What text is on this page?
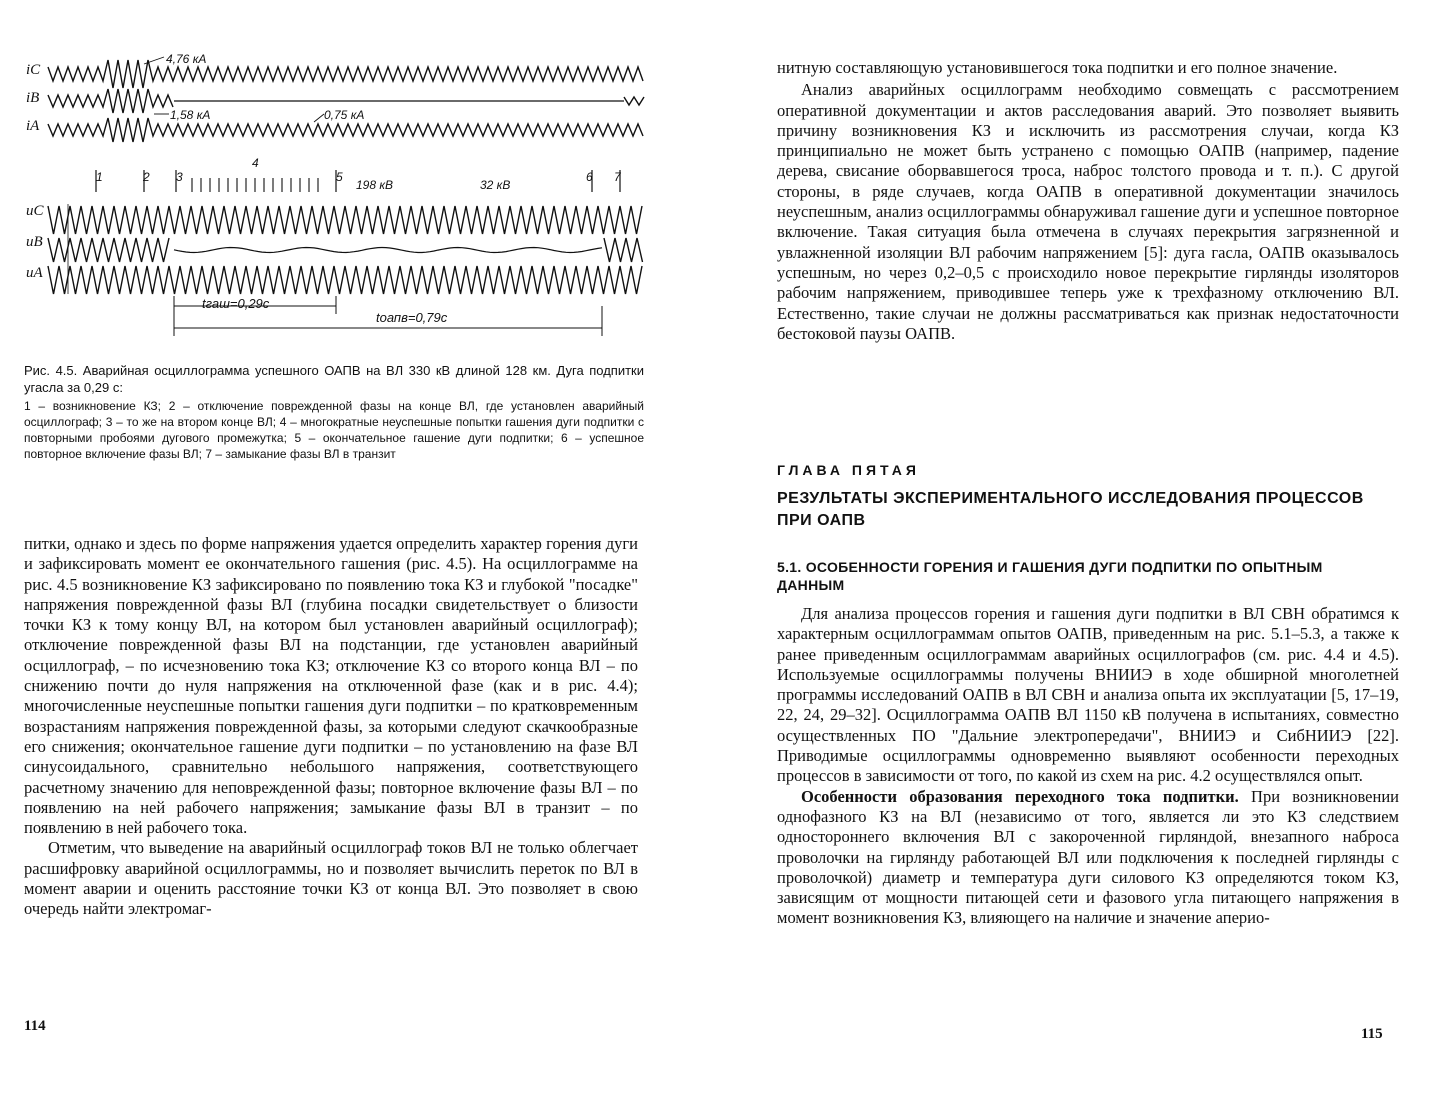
iC
iB
iA
uC
uB
uA
4,76 кА
1,58 кА	0,75 кА
1	2 3
4
5	6 7
198 кВ	32 кВ
tгаш=0,29с
tоапв=0,79с
Рис. 4.5. Аварийная осциллограмма успешного ОАПВ на ВЛ 330 кВ длиной 128 км. Дуга подпитки угасла за 0,29 с:
1 – возникновение КЗ; 2 – отключение поврежденной фазы на конце ВЛ, где установлен аварийный осциллограф; 3 – то же на втором конце ВЛ; 4 – многократные неуспешные попытки гашения дуги подпитки с повторными пробоями дугового промежутка; 5 – окончательное гашение дуги подпитки; 6 – успешное повторное включение фазы ВЛ; 7 – замыкание фазы ВЛ в транзит

питки, однако и здесь по форме напряжения удается определить характер горения дуги и зафиксировать момент ее окончательного гашения (рис. 4.5). На осциллограмме на рис. 4.5 возникновение КЗ зафиксировано по появлению тока КЗ и глубокой "посадке" напряжения поврежденной фазы ВЛ (глубина посадки свидетельствует о близости точки КЗ к тому концу ВЛ, на котором был установлен аварийный осциллограф); отключение поврежденной фазы ВЛ на подстанции, где установлен аварийный осциллограф, – по исчезновению тока КЗ; отключение КЗ со второго конца ВЛ – по снижению почти до нуля напряжения на отключенной фазе (как и в рис. 4.4); многочисленные неуспешные попытки гашения дуги подпитки – по кратковременным возрастаниям напряжения поврежденной фазы, за которыми следуют скачкообразные его снижения; окончательное гашение дуги подпитки – по установлению на фазе ВЛ синусоидального, сравнительно небольшого напряжения, соответствующего расчетному значению для неповрежденной фазы; повторное включение фазы ВЛ – по появлению на ней рабочего напряжения; замыкание фазы ВЛ в транзит – по появлению в ней рабочего тока.

Отметим, что выведение на аварийный осциллограф токов ВЛ не только облегчает расшифровку аварийной осциллограммы, но и позволяет вычислить переток по ВЛ в момент аварии и оценить расстояние точки КЗ от конца ВЛ. Это позволяет в свою очередь найти электромаг-

114

нитную составляющую установившегося тока подпитки и его полное значение.

Анализ аварийных осциллограмм необходимо совмещать с рассмотрением оперативной документации и актов расследования аварий. Это позволяет выявить причину возникновения КЗ и исключить из рассмотрения случаи, когда КЗ принципиально не может быть устранено с помощью ОАПВ (например, падение дерева, свисание оборвавшегося троса, наброс толстого провода и т. п.). С другой стороны, в ряде случаев, когда ОАПВ в оперативной документации значилось неуспешным, анализ осциллограммы обнаруживал гашение дуги и успешное повторное включение. Такая ситуация была отмечена в случаях перекрытия загрязненной и увлажненной изоляции ВЛ рабочим напряжением [5]: дуга гасла, ОАПВ оказывалось успешным, но через 0,2–0,5 с происходило новое перекрытие гирлянды изоляторов рабочим напряжением, приводившее теперь уже к трехфазному отключению ВЛ. Естественно, такие случаи не должны рассматриваться как признак недостаточности бестоковой паузы ОАПВ.

ГЛАВА ПЯТАЯ
РЕЗУЛЬТАТЫ ЭКСПЕРИМЕНТАЛЬНОГО ИССЛЕДОВАНИЯ ПРОЦЕССОВ ПРИ ОАПВ
5.1. ОСОБЕННОСТИ ГОРЕНИЯ И ГАШЕНИЯ ДУГИ ПОДПИТКИ ПО ОПЫТНЫМ ДАННЫМ

Для анализа процессов горения и гашения дуги подпитки в ВЛ СВН обратимся к характерным осциллограммам опытов ОАПВ, приведенным на рис. 5.1–5.3, а также к ранее приведенным осциллограммам аварийных осциллографов (см. рис. 4.4 и 4.5). Используемые осциллограммы получены ВНИИЭ в ходе обширной многолетней программы исследований ОАПВ в ВЛ СВН и анализа опыта их эксплуатации [5, 17–19, 22, 24, 29–32]. Осциллограмма ОАПВ ВЛ 1150 кВ получена в испытаниях, совместно осуществленных ПО "Дальние электропередачи", ВНИИЭ и СибНИИЭ [22]. Приводимые осциллограммы одновременно выявляют особенности переходных процессов в зависимости от того, по какой из схем на рис. 4.2 осуществлялся опыт.

Особенности образования переходного тока подпитки. При возникновении однофазного КЗ на ВЛ (независимо от того, является ли это КЗ следствием одностороннего включения ВЛ с закороченной гирляндой, внезапного наброса проволочки на гирлянду работающей ВЛ или подключения к последней гирлянды с проволочкой) диаметр и температура дуги силового КЗ определяются током КЗ, зависящим от мощности питающей сети и фазового угла питающего напряжения в момент возникновения КЗ, влияющего на наличие и значение аперио-

115
